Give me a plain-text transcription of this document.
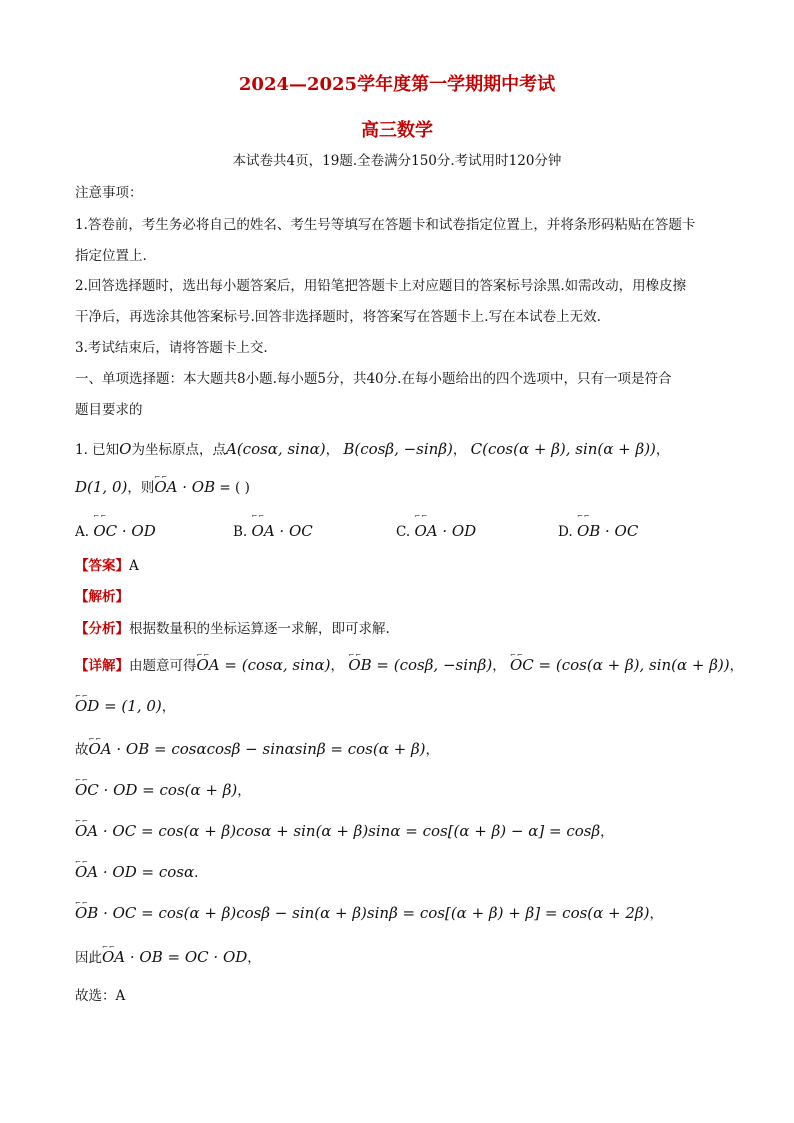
2024—2025学年度第一学期期中考试
高三数学
本试卷共4页，19题.全卷满分150分.考试用时120分钟
注意事项：
1.答卷前，考生务必将自己的姓名、考生号等填写在答题卡和试卷指定位置上，并将条形码粘贴在答题卡
指定位置上.
2.回答选择题时，选出每小题答案后，用铅笔把答题卡上对应题目的答案标号涂黑.如需改动，用橡皮擦
干净后，再选涂其他答案标号.回答非选择题时，将答案写在答题卡上.写在本试卷上无效.
3.考试结束后，请将答题卡上交.
一、单项选择题：本大题共8小题.每小题5分，共40分.在每小题给出的四个选项中，只有一项是符合
题目要求的
1. 已知O为坐标原点，点A(cosα, sinα)， B(cosβ, −sinβ)， C(cos(α + β), sin(α + β))，
D(1, 0)，则⌐⌐ OA · OB = ( )
A. ⌐⌐ OC · OD	B. ⌐⌐ OA · OC	C. ⌐⌐ OA · OD	D. ⌐⌐ OB · OC
【答案】A
【解析】
【分析】根据数量积的坐标运算逐一求解，即可求解.
【详解】由题意可得⌐⌐ OA = (cosα, sinα)， ⌐⌐ OB = (cosβ, −sinβ)， ⌐⌐ OC = (cos(α + β), sin(α + β))，
⌐⌐ OD = (1, 0)，
故⌐⌐ OA · OB = cosαcosβ − sinαsinβ = cos(α + β)，
⌐⌐ OC · OD = cos(α + β)，
⌐⌐ OA · OC = cos(α + β)cosα + sin(α + β)sinα = cos[(α + β) − α] = cosβ，
⌐⌐ OA · OD = cosα.
⌐⌐ OB · OC = cos(α + β)cosβ − sin(α + β)sinβ = cos[(α + β) + β] = cos(α + 2β)，
因此⌐⌐ OA · OB = OC · OD，
故选：A
